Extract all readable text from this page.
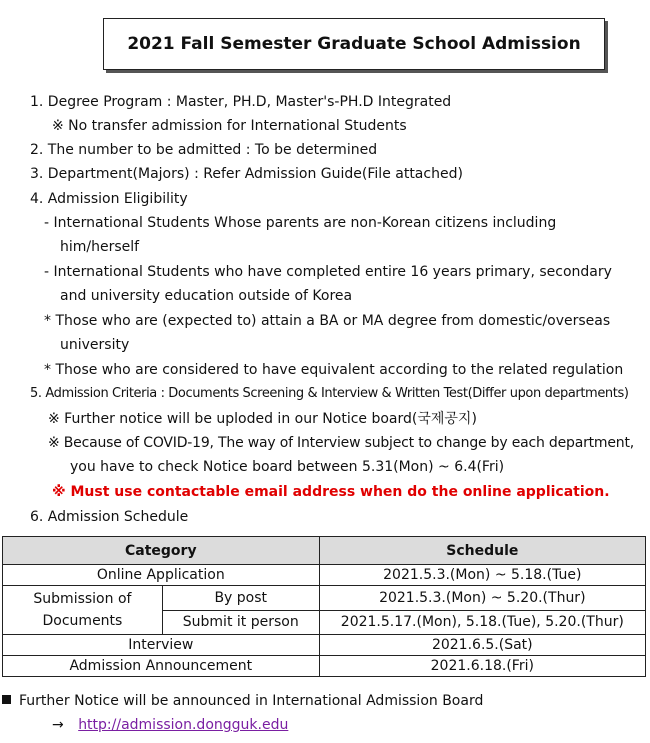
2021 Fall Semester Graduate School Admission
1. Degree Program : Master, PH.D, Master's-PH.D Integrated
※ No transfer admission for International Students
2. The number to be admitted : To be determined
3. Department(Majors) : Refer Admission Guide(File attached)
4. Admission Eligibility
- International Students Whose parents are non-Korean citizens including
him/herself
- International Students who have completed entire 16 years primary, secondary
and university education outside of Korea
* Those who are (expected to) attain a BA or MA degree from domestic/overseas
university
* Those who are considered to have equivalent according to the related regulation
5. Admission Criteria : Documents Screening & Interview & Written Test(Differ upon departments)
※ Further notice will be uploded in our Notice board(국제공지)
※ Because of COVID-19, The way of Interview subject to change by each department,
you have to check Notice board between 5.31(Mon) ~ 6.4(Fri)
※ Must use contactable email address when do the online application.
6. Admission Schedule
Category		Schedule
Online Application		2021.5.3.(Mon) ~ 5.18.(Tue)
Submission of Documents	By post	2021.5.3.(Mon) ~ 5.20.(Thur)
	Submit it person	2021.5.17.(Mon), 5.18.(Tue), 5.20.(Thur)
Interview		2021.6.5.(Sat)
Admission Announcement		2021.6.18.(Fri)
Further Notice will be announced in International Admission Board
→ http://admission.dongguk.edu
